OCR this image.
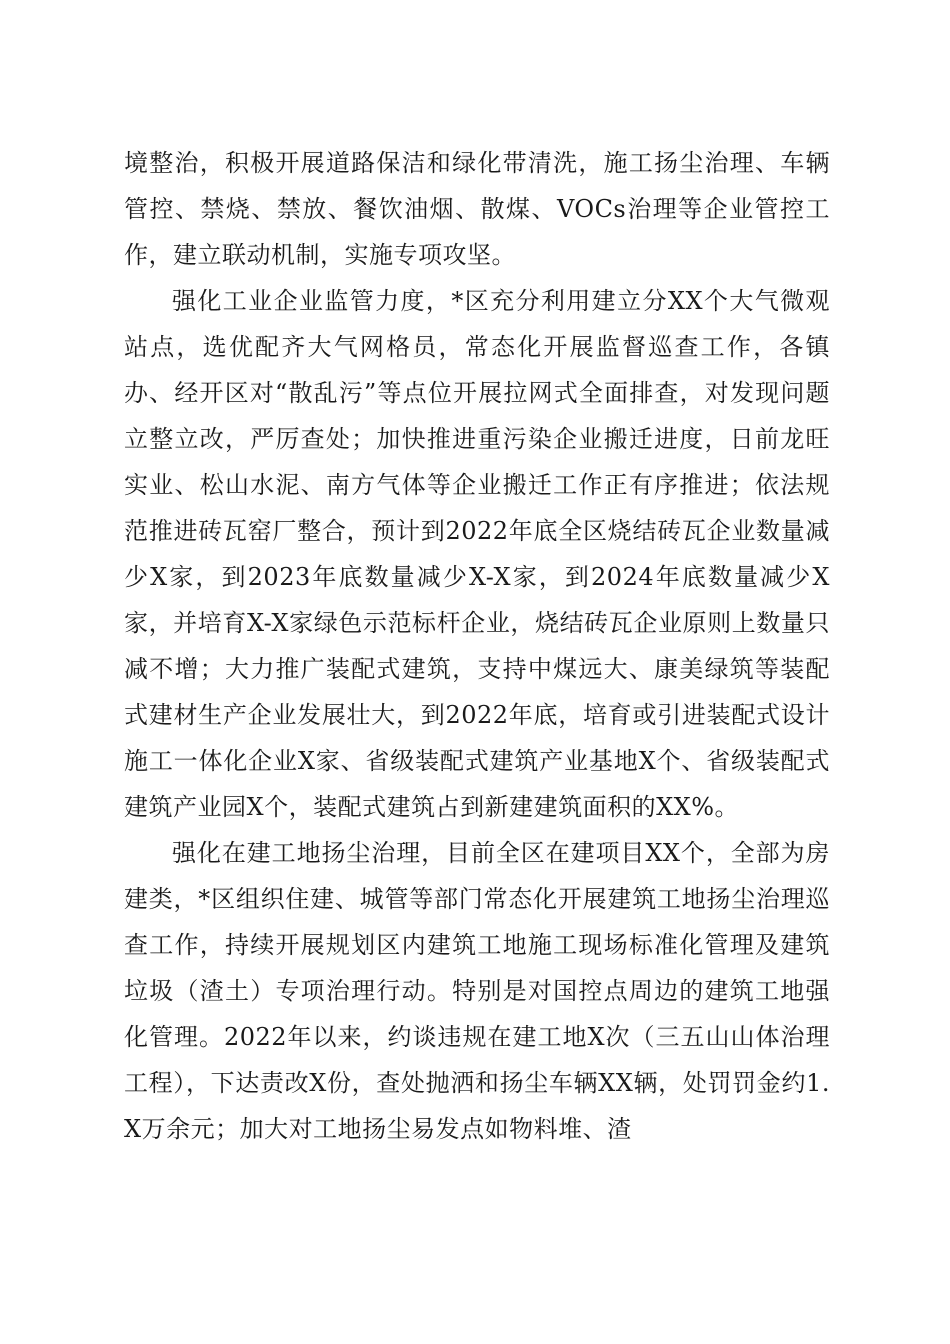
境整治，积极开展道路保洁和绿化带清洗，施工扬尘治理、车辆管控、禁烧、禁放、餐饮油烟、散煤、VOCs治理等企业管控工作，建立联动机制，实施专项攻坚。

强化工业企业监管力度，*区充分利用建立分XX个大气微观站点，选优配齐大气网格员，常态化开展监督巡查工作，各镇办、经开区对“散乱污”等点位开展拉网式全面排查，对发现问题立整立改，严厉查处；加快推进重污染企业搬迁进度，日前龙旺实业、松山水泥、南方气体等企业搬迁工作正有序推进；依法规范推进砖瓦窑厂整合，预计到2022年底全区烧结砖瓦企业数量减少X家，到2023年底数量减少X-X家，到2024年底数量减少X家，并培育X-X家绿色示范标杆企业，烧结砖瓦企业原则上数量只减不增；大力推广装配式建筑，支持中煤远大、康美绿筑等装配式建材生产企业发展壮大，到2022年底，培育或引进装配式设计施工一体化企业X家、省级装配式建筑产业基地X个、省级装配式建筑产业园X个，装配式建筑占到新建建筑面积的XX%。

强化在建工地扬尘治理，目前全区在建项目XX个，全部为房建类，*区组织住建、城管等部门常态化开展建筑工地扬尘治理巡查工作，持续开展规划区内建筑工地施工现场标准化管理及建筑垃圾（渣土）专项治理行动。特别是对国控点周边的建筑工地强化管理。2022年以来，约谈违规在建工地X次（三五山山体治理工程），下达责改X份，查处抛洒和扬尘车辆XX辆，处罚罚金约1.X万余元；加大对工地扬尘易发点如物料堆、渣
